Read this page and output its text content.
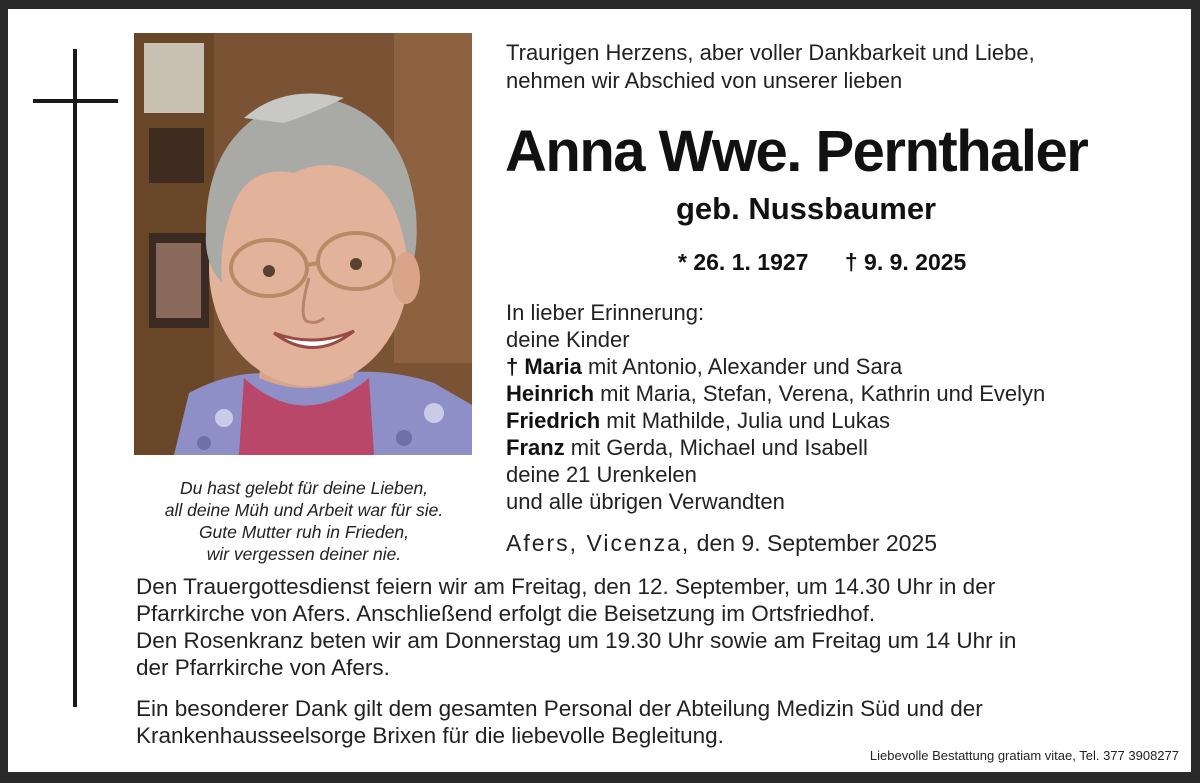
Du hast gelebt für deine Lieben,
all deine Müh und Arbeit war für sie.
Gute Mutter ruh in Frieden,
wir vergessen deiner nie.
Traurigen Herzens, aber voller Dankbarkeit und Liebe,
nehmen wir Abschied von unserer lieben
Anna Wwe. Pernthaler
geb. Nussbaumer
* 26. 1. 1927 † 9. 9. 2025
In lieber Erinnerung:
deine Kinder
† Maria mit Antonio, Alexander und Sara
Heinrich mit Maria, Stefan, Verena, Kathrin und Evelyn
Friedrich mit Mathilde, Julia und Lukas
Franz mit Gerda, Michael und Isabell
deine 21 Urenkelen
und alle übrigen Verwandten
Afers, Vicenza, den 9. September 2025
Den Trauergottesdienst feiern wir am Freitag, den 12. September, um 14.30 Uhr in der
Pfarrkirche von Afers. Anschließend erfolgt die Beisetzung im Ortsfriedhof.
Den Rosenkranz beten wir am Donnerstag um 19.30 Uhr sowie am Freitag um 14 Uhr in
der Pfarrkirche von Afers.
Ein besonderer Dank gilt dem gesamten Personal der Abteilung Medizin Süd und der
Krankenhausseelsorge Brixen für die liebevolle Begleitung.
Liebevolle Bestattung gratiam vitae, Tel. 377 3908277
